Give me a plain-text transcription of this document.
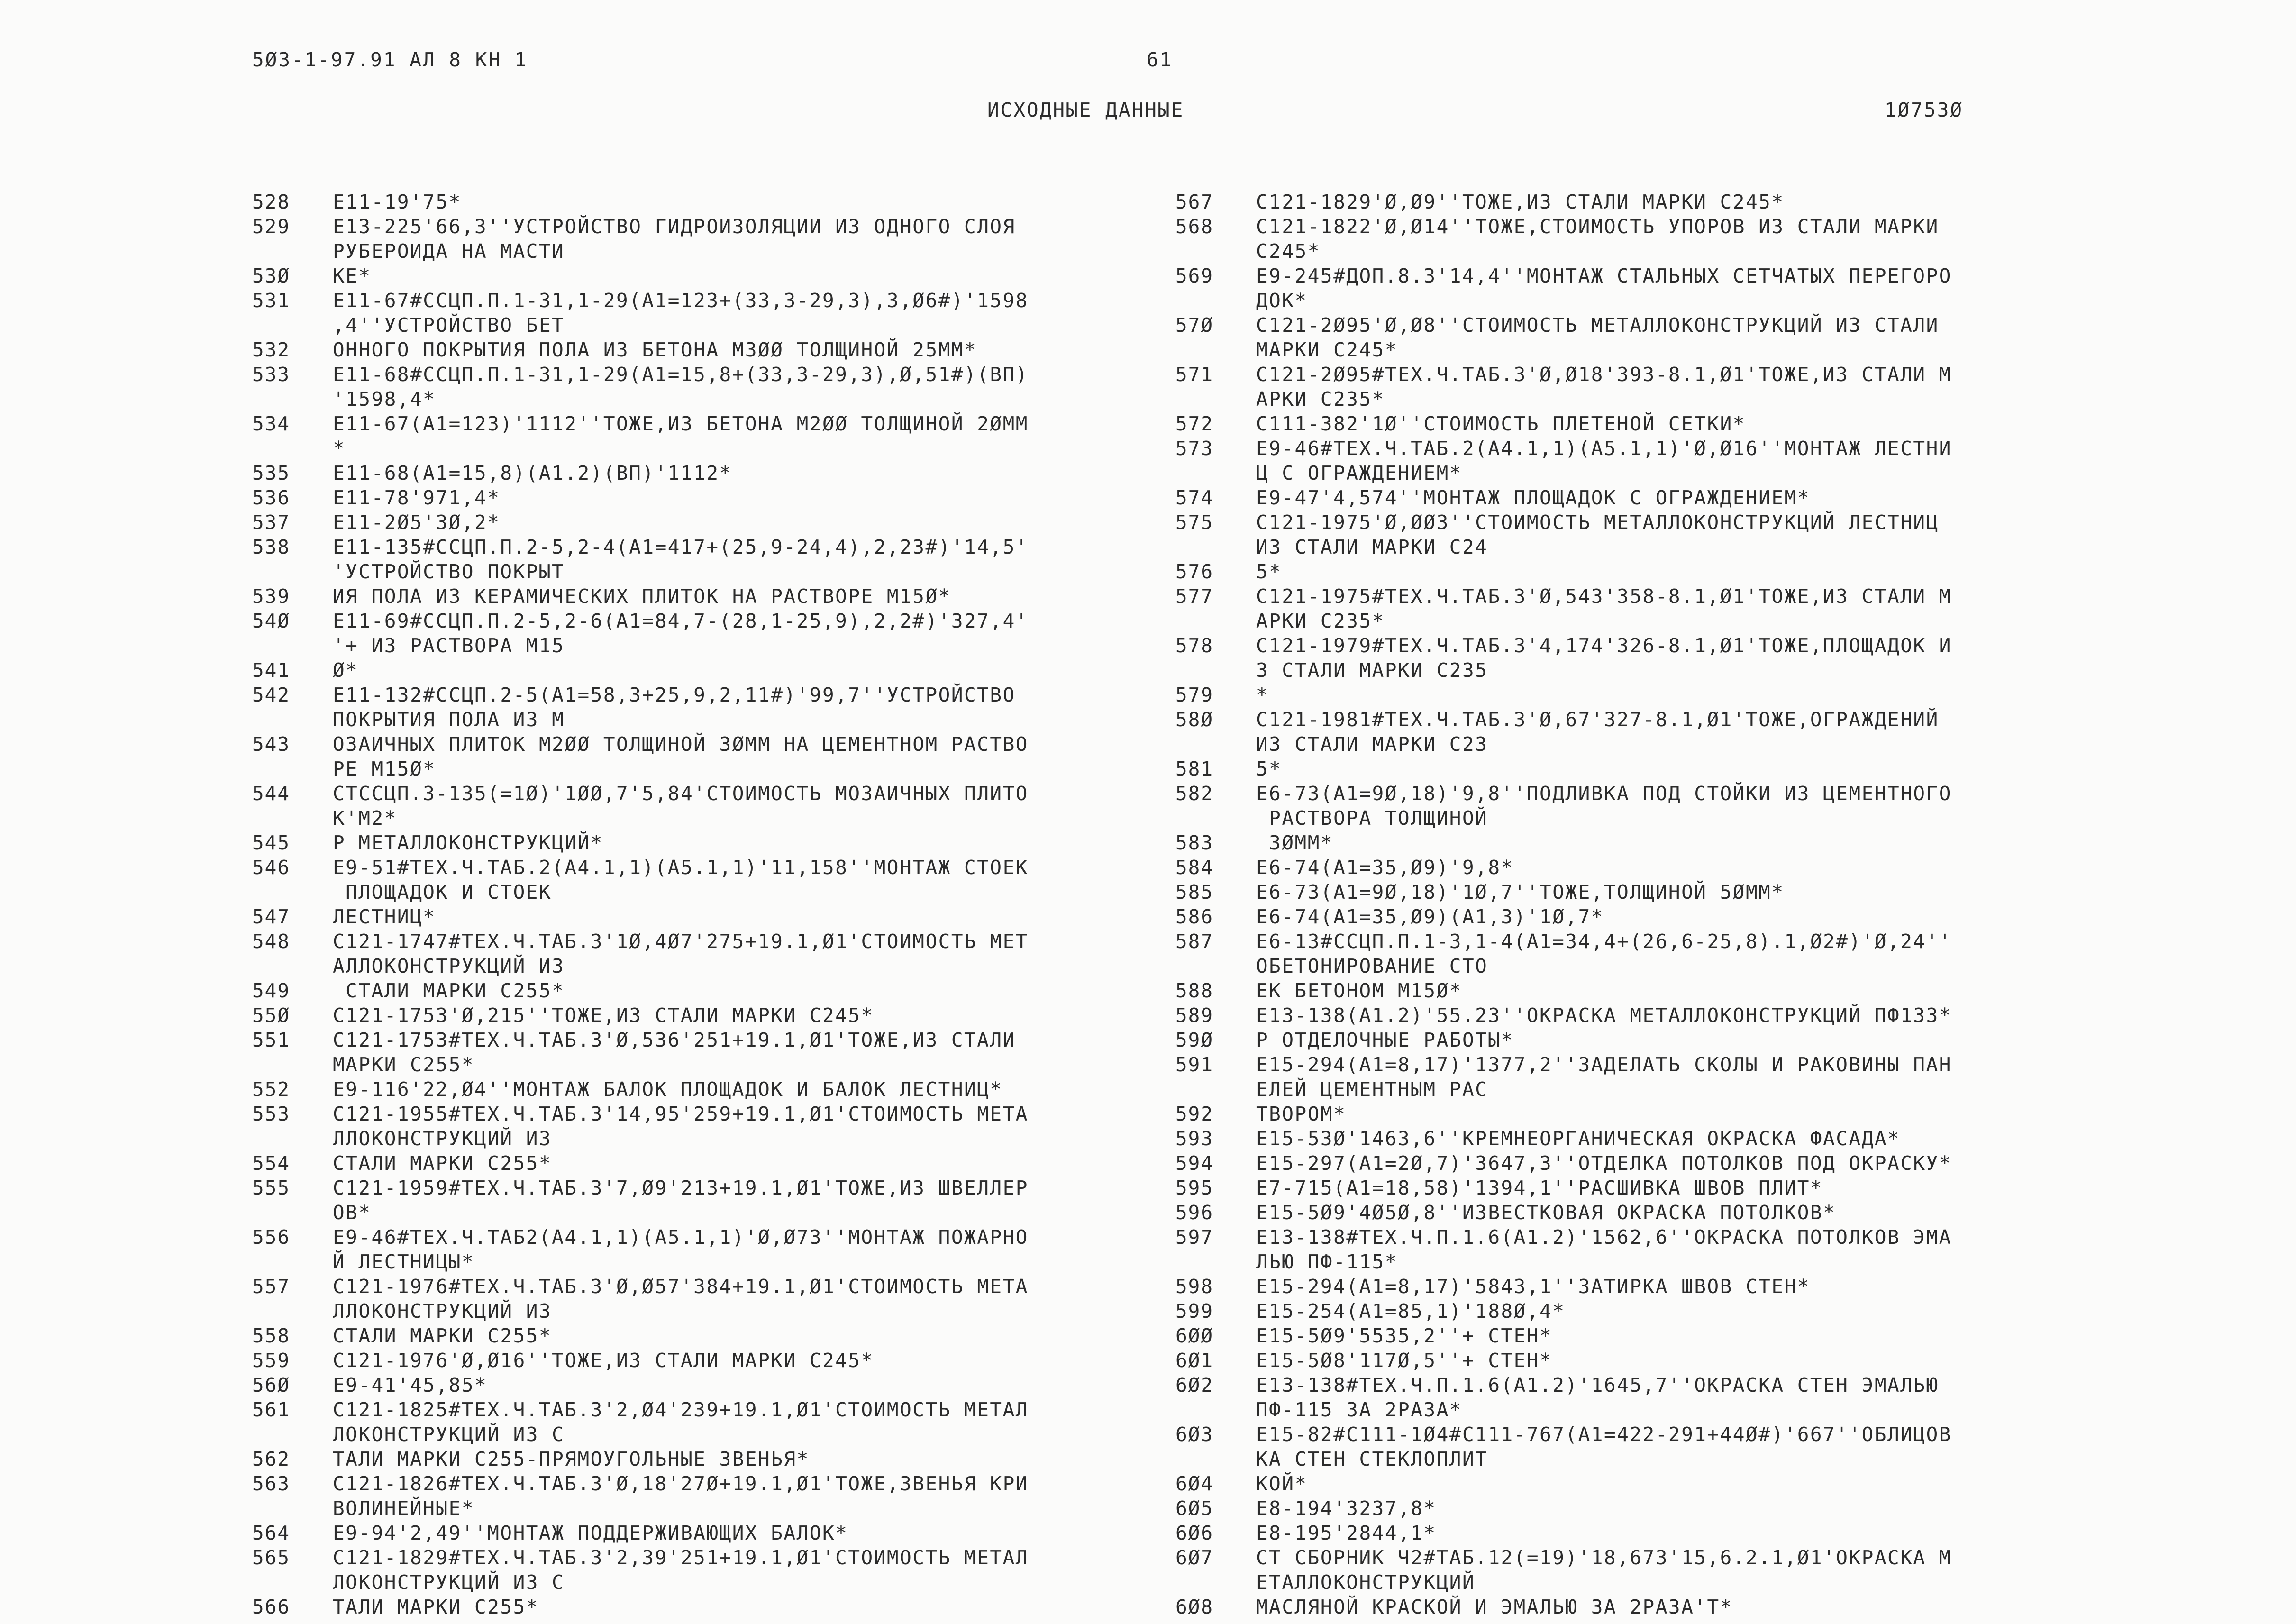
5Ø3-1-97.91 АЛ 8 КН 1	61
ИСХОДНЫЕ ДАННЫЕ	1Ø753Ø
528	Е11-19'75*
529	Е13-225'66,3''УСТРОЙСТВО ГИДРОИЗОЛЯЦИИ ИЗ ОДНОГО СЛОЯ
РУБЕРОИДА НА МАСТИ
53Ø	КЕ*
531	Е11-67#ССЦП.П.1-31,1-29(А1=123+(33,3-29,3),3,Ø6#)'1598
,4''УСТРОЙСТВО БЕТ
532	ОННОГО ПОКРЫТИЯ ПОЛА ИЗ БЕТОНА М3ØØ ТОЛЩИНОЙ 25ММ*
533	Е11-68#ССЦП.П.1-31,1-29(А1=15,8+(33,3-29,3),Ø,51#)(ВП)
'1598,4*
534	Е11-67(А1=123)'1112''ТОЖЕ,ИЗ БЕТОНА М2ØØ ТОЛЩИНОЙ 2ØММ
*
535	Е11-68(А1=15,8)(А1.2)(ВП)'1112*
536	Е11-78'971,4*
537	Е11-2Ø5'3Ø,2*
538	Е11-135#ССЦП.П.2-5,2-4(А1=417+(25,9-24,4),2,23#)'14,5'
'УСТРОЙСТВО ПОКРЫТ
539	ИЯ ПОЛА ИЗ КЕРАМИЧЕСКИХ ПЛИТОК НА РАСТВОРЕ М15Ø*
54Ø	Е11-69#ССЦП.П.2-5,2-6(А1=84,7-(28,1-25,9),2,2#)'327,4'
'+ ИЗ РАСТВОРА М15
541	Ø*
542	Е11-132#ССЦП.2-5(А1=58,3+25,9,2,11#)'99,7''УСТРОЙСТВО
ПОКРЫТИЯ ПОЛА ИЗ М
543	ОЗАИЧНЫХ ПЛИТОК М2ØØ ТОЛЩИНОЙ 3ØММ НА ЦЕМЕНТНОМ РАСТВО
РЕ М15Ø*
544	СТССЦП.3-135(=1Ø)'1ØØ,7'5,84'СТОИМОСТЬ МОЗАИЧНЫХ ПЛИТО
К'М2*
545	Р МЕТАЛЛОКОНСТРУКЦИЙ*
546	Е9-51#ТЕХ.Ч.ТАБ.2(А4.1,1)(А5.1,1)'11,158''МОНТАЖ СТОЕК
ПЛОЩАДОК И СТОЕК
547	ЛЕСТНИЦ*
548	С121-1747#ТЕХ.Ч.ТАБ.3'1Ø,4Ø7'275+19.1,Ø1'СТОИМОСТЬ МЕТ
АЛЛОКОНСТРУКЦИЙ ИЗ
549	СТАЛИ МАРКИ С255*
55Ø	С121-1753'Ø,215''ТОЖЕ,ИЗ СТАЛИ МАРКИ С245*
551	С121-1753#ТЕХ.Ч.ТАБ.3'Ø,536'251+19.1,Ø1'ТОЖЕ,ИЗ СТАЛИ
МАРКИ С255*
552	Е9-116'22,Ø4''МОНТАЖ БАЛОК ПЛОЩАДОК И БАЛОК ЛЕСТНИЦ*
553	С121-1955#ТЕХ.Ч.ТАБ.3'14,95'259+19.1,Ø1'СТОИМОСТЬ МЕТА
ЛЛОКОНСТРУКЦИЙ ИЗ
554	СТАЛИ МАРКИ С255*
555	С121-1959#ТЕХ.Ч.ТАБ.3'7,Ø9'213+19.1,Ø1'ТОЖЕ,ИЗ ШВЕЛЛЕР
ОВ*
556	Е9-46#ТЕХ.Ч.ТАБ2(А4.1,1)(А5.1,1)'Ø,Ø73''МОНТАЖ ПОЖАРНО
Й ЛЕСТНИЦЫ*
557	С121-1976#ТЕХ.Ч.ТАБ.3'Ø,Ø57'384+19.1,Ø1'СТОИМОСТЬ МЕТА
ЛЛОКОНСТРУКЦИЙ ИЗ
558	СТАЛИ МАРКИ С255*
559	С121-1976'Ø,Ø16''ТОЖЕ,ИЗ СТАЛИ МАРКИ С245*
56Ø	Е9-41'45,85*
561	С121-1825#ТЕХ.Ч.ТАБ.3'2,Ø4'239+19.1,Ø1'СТОИМОСТЬ МЕТАЛ
ЛОКОНСТРУКЦИЙ ИЗ С
562	ТАЛИ МАРКИ С255-ПРЯМОУГОЛЬНЫЕ ЗВЕНЬЯ*
563	С121-1826#ТЕХ.Ч.ТАБ.3'Ø,18'27Ø+19.1,Ø1'ТОЖЕ,ЗВЕНЬЯ КРИ
ВОЛИНЕЙНЫЕ*
564	Е9-94'2,49''МОНТАЖ ПОДДЕРЖИВАЮЩИХ БАЛОК*
565	С121-1829#ТЕХ.Ч.ТАБ.3'2,39'251+19.1,Ø1'СТОИМОСТЬ МЕТАЛ
ЛОКОНСТРУКЦИЙ ИЗ С
566	ТАЛИ МАРКИ С255*
567	С121-1829'Ø,Ø9''ТОЖЕ,ИЗ СТАЛИ МАРКИ С245*
568	С121-1822'Ø,Ø14''ТОЖЕ,СТОИМОСТЬ УПОРОВ ИЗ СТАЛИ МАРКИ
С245*
569	Е9-245#ДОП.8.3'14,4''МОНТАЖ СТАЛЬНЫХ СЕТЧАТЫХ ПЕРЕГОРО
ДОК*
57Ø	С121-2Ø95'Ø,Ø8''СТОИМОСТЬ МЕТАЛЛОКОНСТРУКЦИЙ ИЗ СТАЛИ
МАРКИ С245*
571	С121-2Ø95#ТЕХ.Ч.ТАБ.3'Ø,Ø18'393-8.1,Ø1'ТОЖЕ,ИЗ СТАЛИ М
АРКИ С235*
572	С111-382'1Ø''СТОИМОСТЬ ПЛЕТЕНОЙ СЕТКИ*
573	Е9-46#ТЕХ.Ч.ТАБ.2(А4.1,1)(А5.1,1)'Ø,Ø16''МОНТАЖ ЛЕСТНИ
Ц С ОГРАЖДЕНИЕМ*
574	Е9-47'4,574''МОНТАЖ ПЛОЩАДОК С ОГРАЖДЕНИЕМ*
575	С121-1975'Ø,ØØ3''СТОИМОСТЬ МЕТАЛЛОКОНСТРУКЦИЙ ЛЕСТНИЦ
ИЗ СТАЛИ МАРКИ С24
576	5*
577	С121-1975#ТЕХ.Ч.ТАБ.3'Ø,543'358-8.1,Ø1'ТОЖЕ,ИЗ СТАЛИ М
АРКИ С235*
578	С121-1979#ТЕХ.Ч.ТАБ.3'4,174'326-8.1,Ø1'ТОЖЕ,ПЛОЩАДОК И
3 СТАЛИ МАРКИ С235
579	*
58Ø	С121-1981#ТЕХ.Ч.ТАБ.3'Ø,67'327-8.1,Ø1'ТОЖЕ,ОГРАЖДЕНИЙ
ИЗ СТАЛИ МАРКИ С23
581	5*
582	Е6-73(А1=9Ø,18)'9,8''ПОДЛИВКА ПОД СТОЙКИ ИЗ ЦЕМЕНТНОГО
РАСТВОРА ТОЛЩИНОЙ
583	3ØММ*
584	Е6-74(А1=35,Ø9)'9,8*
585	Е6-73(А1=9Ø,18)'1Ø,7''ТОЖЕ,ТОЛЩИНОЙ 5ØММ*
586	Е6-74(А1=35,Ø9)(А1,3)'1Ø,7*
587	Е6-13#ССЦП.П.1-3,1-4(А1=34,4+(26,6-25,8).1,Ø2#)'Ø,24''
ОБЕТОНИРОВАНИЕ СТО
588	ЕК БЕТОНОМ М15Ø*
589	Е13-138(А1.2)'55.23''ОКРАСКА МЕТАЛЛОКОНСТРУКЦИЙ ПФ133*
59Ø	Р ОТДЕЛОЧНЫЕ РАБОТЫ*
591	Е15-294(А1=8,17)'1377,2''ЗАДЕЛАТЬ СКОЛЫ И РАКОВИНЫ ПАН
ЕЛЕЙ ЦЕМЕНТНЫМ РАС
592	ТВОРОМ*
593	Е15-53Ø'1463,6''КРЕМНЕОРГАНИЧЕСКАЯ ОКРАСКА ФАСАДА*
594	Е15-297(А1=2Ø,7)'3647,3''ОТДЕЛКА ПОТОЛКОВ ПОД ОКРАСКУ*
595	Е7-715(А1=18,58)'1394,1''РАСШИВКА ШВОВ ПЛИТ*
596	Е15-5Ø9'4Ø5Ø,8''ИЗВЕСТКОВАЯ ОКРАСКА ПОТОЛКОВ*
597	Е13-138#ТЕХ.Ч.П.1.6(А1.2)'1562,6''ОКРАСКА ПОТОЛКОВ ЭМА
ЛЬЮ ПФ-115*
598	Е15-294(А1=8,17)'5843,1''ЗАТИРКА ШВОВ СТЕН*
599	Е15-254(А1=85,1)'188Ø,4*
6ØØ	Е15-5Ø9'5535,2''+ СТЕН*
6Ø1	Е15-5Ø8'117Ø,5''+ СТЕН*
6Ø2	Е13-138#ТЕХ.Ч.П.1.6(А1.2)'1645,7''ОКРАСКА СТЕН ЭМАЛЬЮ
ПФ-115 ЗА 2РАЗА*
6Ø3	Е15-82#С111-1Ø4#С111-767(А1=422-291+44Ø#)'667''ОБЛИЦОВ
КА СТЕН СТЕКЛОПЛИТ
6Ø4	КОЙ*
6Ø5	Е8-194'3237,8*
6Ø6	Е8-195'2844,1*
6Ø7	СТ СБОРНИК Ч2#ТАБ.12(=19)'18,673'15,6.2.1,Ø1'ОКРАСКА М
ЕТАЛЛОКОНСТРУКЦИЙ
6Ø8	МАСЛЯНОЙ КРАСКОЙ И ЭМАЛЬЮ ЗА 2РАЗА'Т*
